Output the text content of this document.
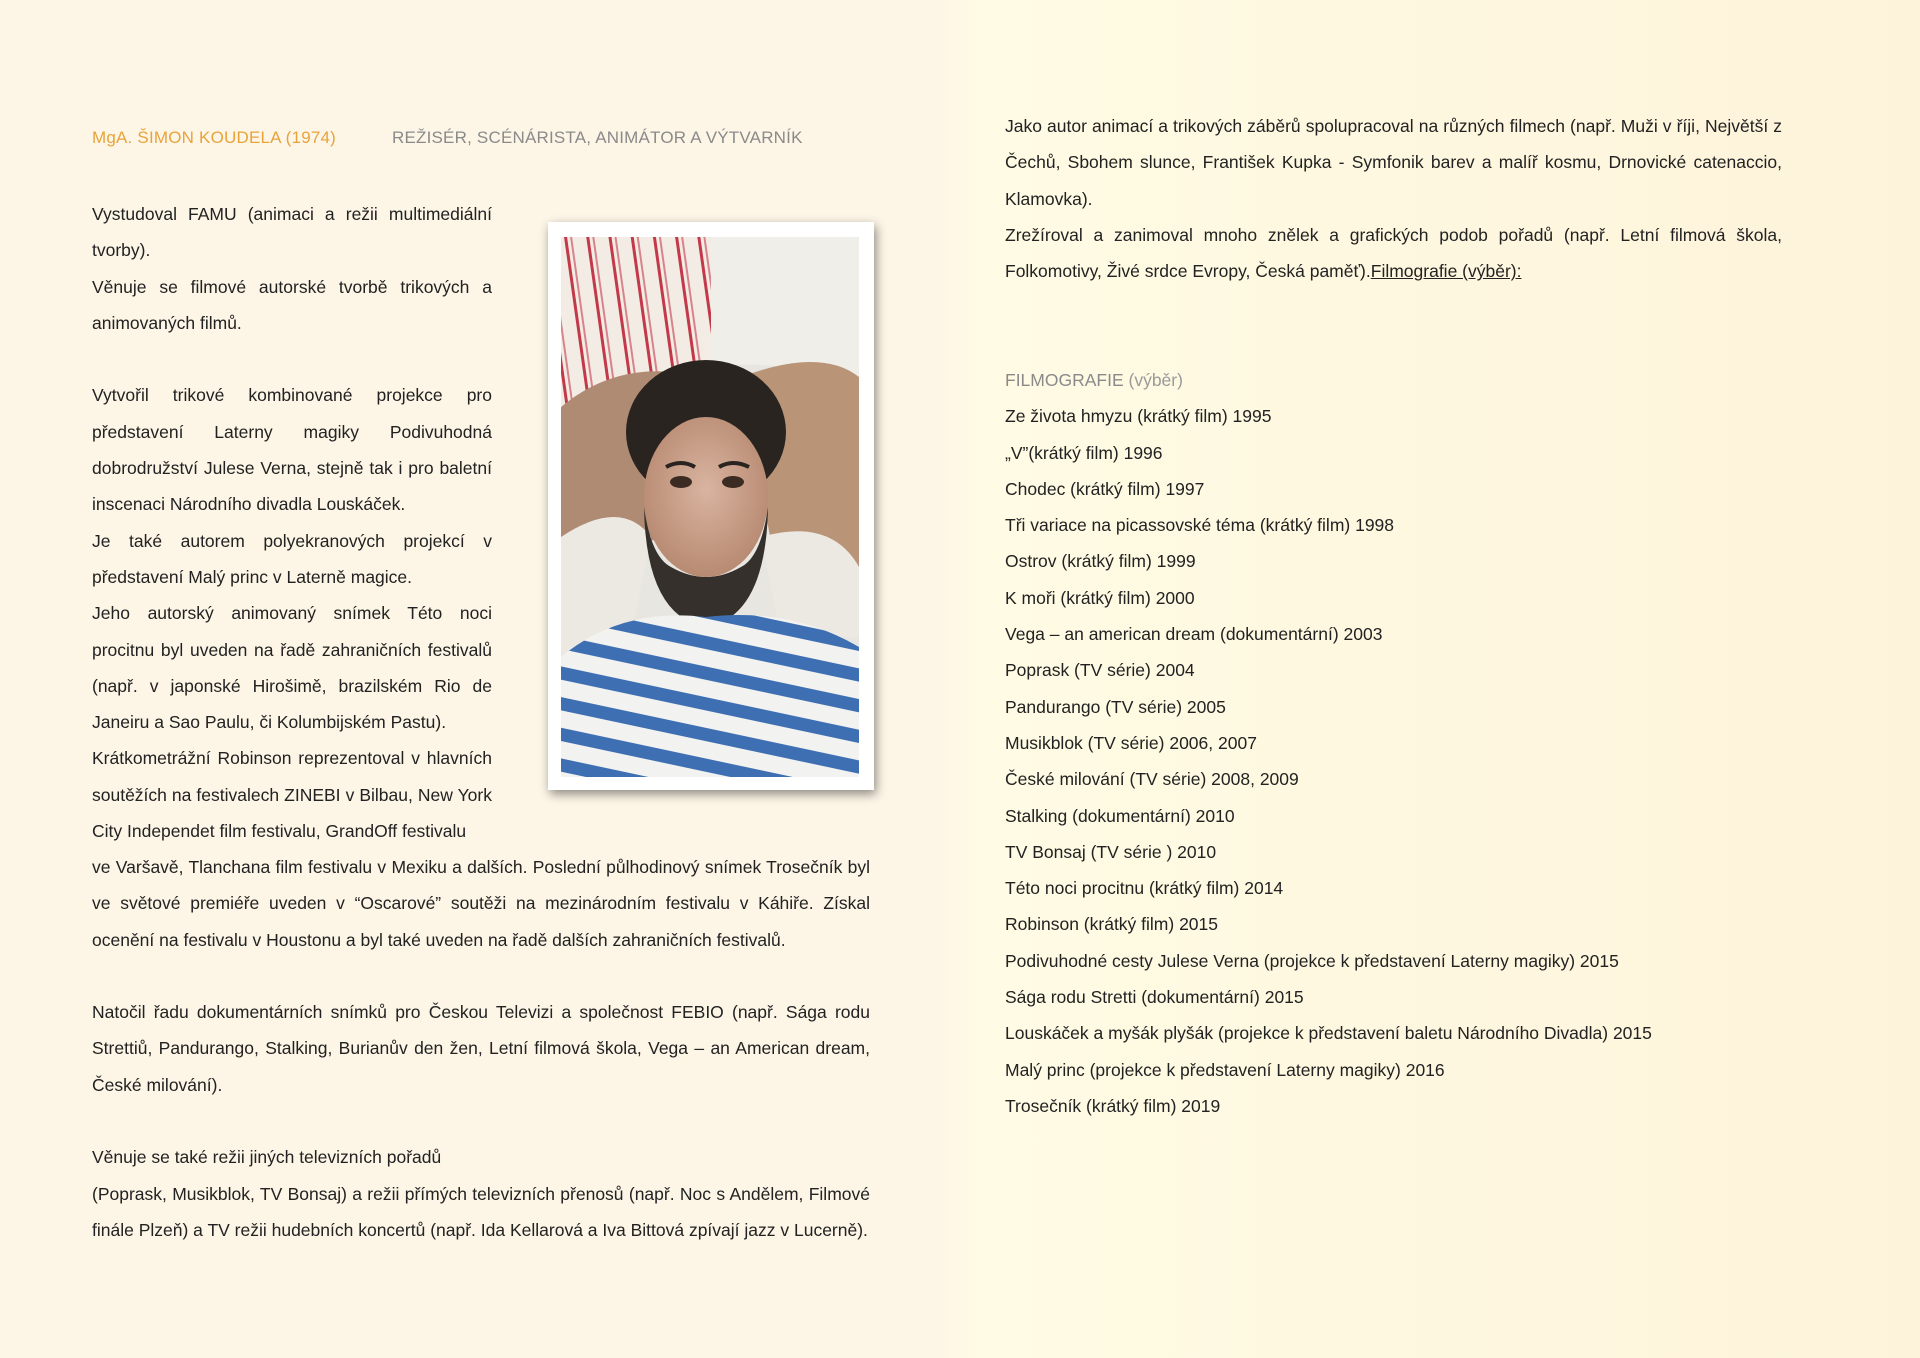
MgA. ŠIMON KOUDELA (1974)	REŽISÉR, SCÉNÁRISTA, ANIMÁTOR A VÝTVARNÍK

Vystudoval FAMU (animaci a režii multimediální tvorby).

Věnuje se filmové autorské tvorbě trikových a animovaných filmů.

Vytvořil trikové kombinované projekce pro představení Laterny magiky Podivuhodná dobrodružství Julese Verna, stejně tak i pro baletní inscenaci Národního divadla Louskáček.

Je také autorem polyekranových projekcí v představení Malý princ v Laterně magice.

Jeho autorský animovaný snímek Této noci procitnu byl uveden na řadě zahraničních festivalů (např. v japonské Hirošimě, brazilském Rio de Janeiru a Sao Paulu, či Kolumbijském Pastu).

Krátkometrážní Robinson reprezentoval v hlavních soutěžích na festivalech ZINEBI v Bilbau, New York City Independet film festivalu, GrandOff festivalu

ve Varšavě, Tlanchana film festivalu v Mexiku a dalších. Poslední půlhodinový snímek Trosečník byl ve světové premiéře uveden v “Oscarové” soutěži na mezinárodním festivalu v Káhiře. Získal ocenění na festivalu v Houstonu a byl také uveden na řadě dalších zahraničních festivalů.

Natočil řadu dokumentárních snímků pro Českou Televizi a společnost FEBIO (např. Sága rodu Strettiů, Pandurango, Stalking, Burianův den žen, Letní filmová škola, Vega – an American dream, České milování).

Věnuje se také režii jiných televizních pořadů

(Poprask, Musikblok, TV Bonsaj) a režii přímých televizních přenosů (např. Noc s Andělem, Filmové finále Plzeň) a TV režii hudebních koncertů (např. Ida Kellarová a Iva Bittová zpívají jazz v Lucerně).

Jako autor animací a trikových záběrů spolupracoval na různých filmech (např. Muži v říji, Největší z Čechů, Sbohem slunce, František Kupka - Symfonik barev a malíř kosmu, Drnovické catenaccio, Klamovka).

Zrežíroval a zanimoval mnoho znělek a grafických podob pořadů (např. Letní filmová škola, Folkomotivy, Živé srdce Evropy, Česká paměť).Filmografie (výběr):

FILMOGRAFIE (výběr)
Ze života hmyzu (krátký film) 1995
„V”(krátký film) 1996
Chodec (krátký film) 1997
Tři variace na picassovské téma (krátký film) 1998
Ostrov (krátký film) 1999
K moři (krátký film) 2000
Vega – an american dream (dokumentární) 2003
Poprask (TV série) 2004
Pandurango (TV série) 2005
Musikblok (TV série) 2006, 2007
České milování (TV série) 2008, 2009
Stalking (dokumentární) 2010
TV Bonsaj (TV série ) 2010
Této noci procitnu (krátký film) 2014
Robinson (krátký film) 2015
Podivuhodné cesty Julese Verna (projekce k představení Laterny magiky) 2015
Sága rodu Stretti (dokumentární) 2015
Louskáček a myšák plyšák (projekce k představení baletu Národního Divadla) 2015
Malý princ (projekce k představení Laterny magiky) 2016
Trosečník (krátký film) 2019
